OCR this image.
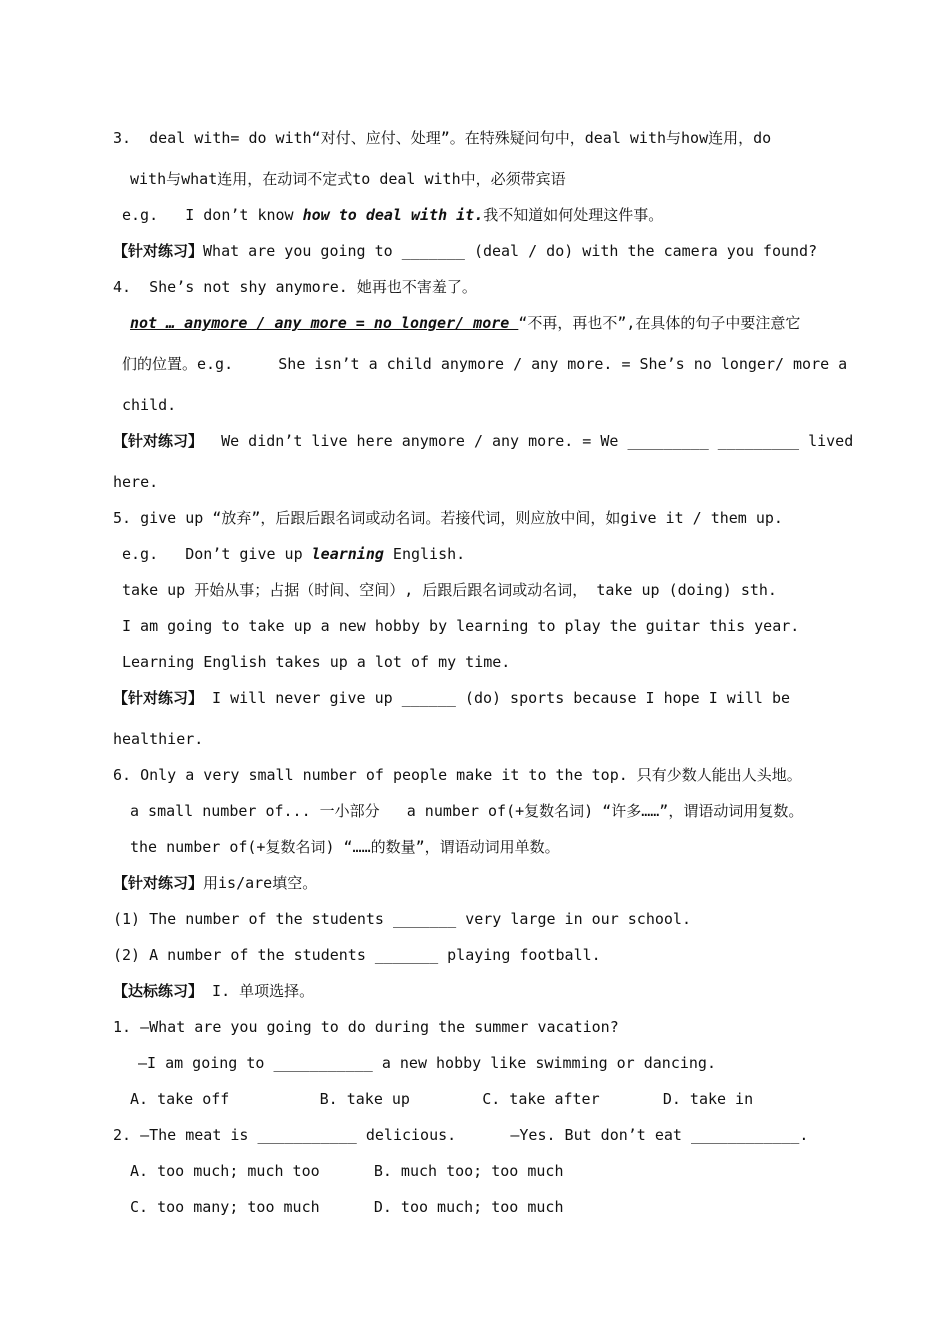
3.  deal with= do with“对付、应付、处理”。在特殊疑问句中，deal with与how连用，do

with与what连用，在动词不定式to deal with中，必须带宾语

e.g.   I don’t know how to deal with it.我不知道如何处理这件事。

【针对练习】What are you going to _______ (deal / do) with the camera you found?

4.  She’s not shy anymore. 她再也不害羞了。

not … anymore / any more = no longer/ more “不再，再也不”,在具体的句子中要注意它

们的位置。e.g.     She isn’t a child anymore / any more. = She’s no longer/ more a

child.

【针对练习】  We didn’t live here anymore / any more. = We _________ _________ lived

here.

5. give up “放弃”，后跟后跟名词或动名词。若接代词，则应放中间，如give it / them up.

e.g.   Don’t give up learning English.

take up 开始从事；占据（时间、空间）, 后跟后跟名词或动名词， take up (doing) sth.

I am going to take up a new hobby by learning to play the guitar this year.

Learning English takes up a lot of my time.

【针对练习】 I will never give up ______ (do) sports because I hope I will be

healthier.

6. Only a very small number of people make it to the top. 只有少数人能出人头地。

a small number of... 一小部分   a number of(+复数名词) “许多……”，谓语动词用复数。

the number of(+复数名词) “……的数量”，谓语动词用单数。

【针对练习】用is/are填空。

(1) The number of the students _______ very large in our school.

(2) A number of the students _______ playing football.

【达标练习】 I. 单项选择。

1. —What are you going to do during the summer vacation?

—I am going to ___________ a new hobby like swimming or dancing.

A. take off          B. take up        C. take after       D. take in

2. —The meat is ___________ delicious.      —Yes. But don’t eat ____________.

A. too much; much too      B. much too; too much

C. too many; too much      D. too much; too much
